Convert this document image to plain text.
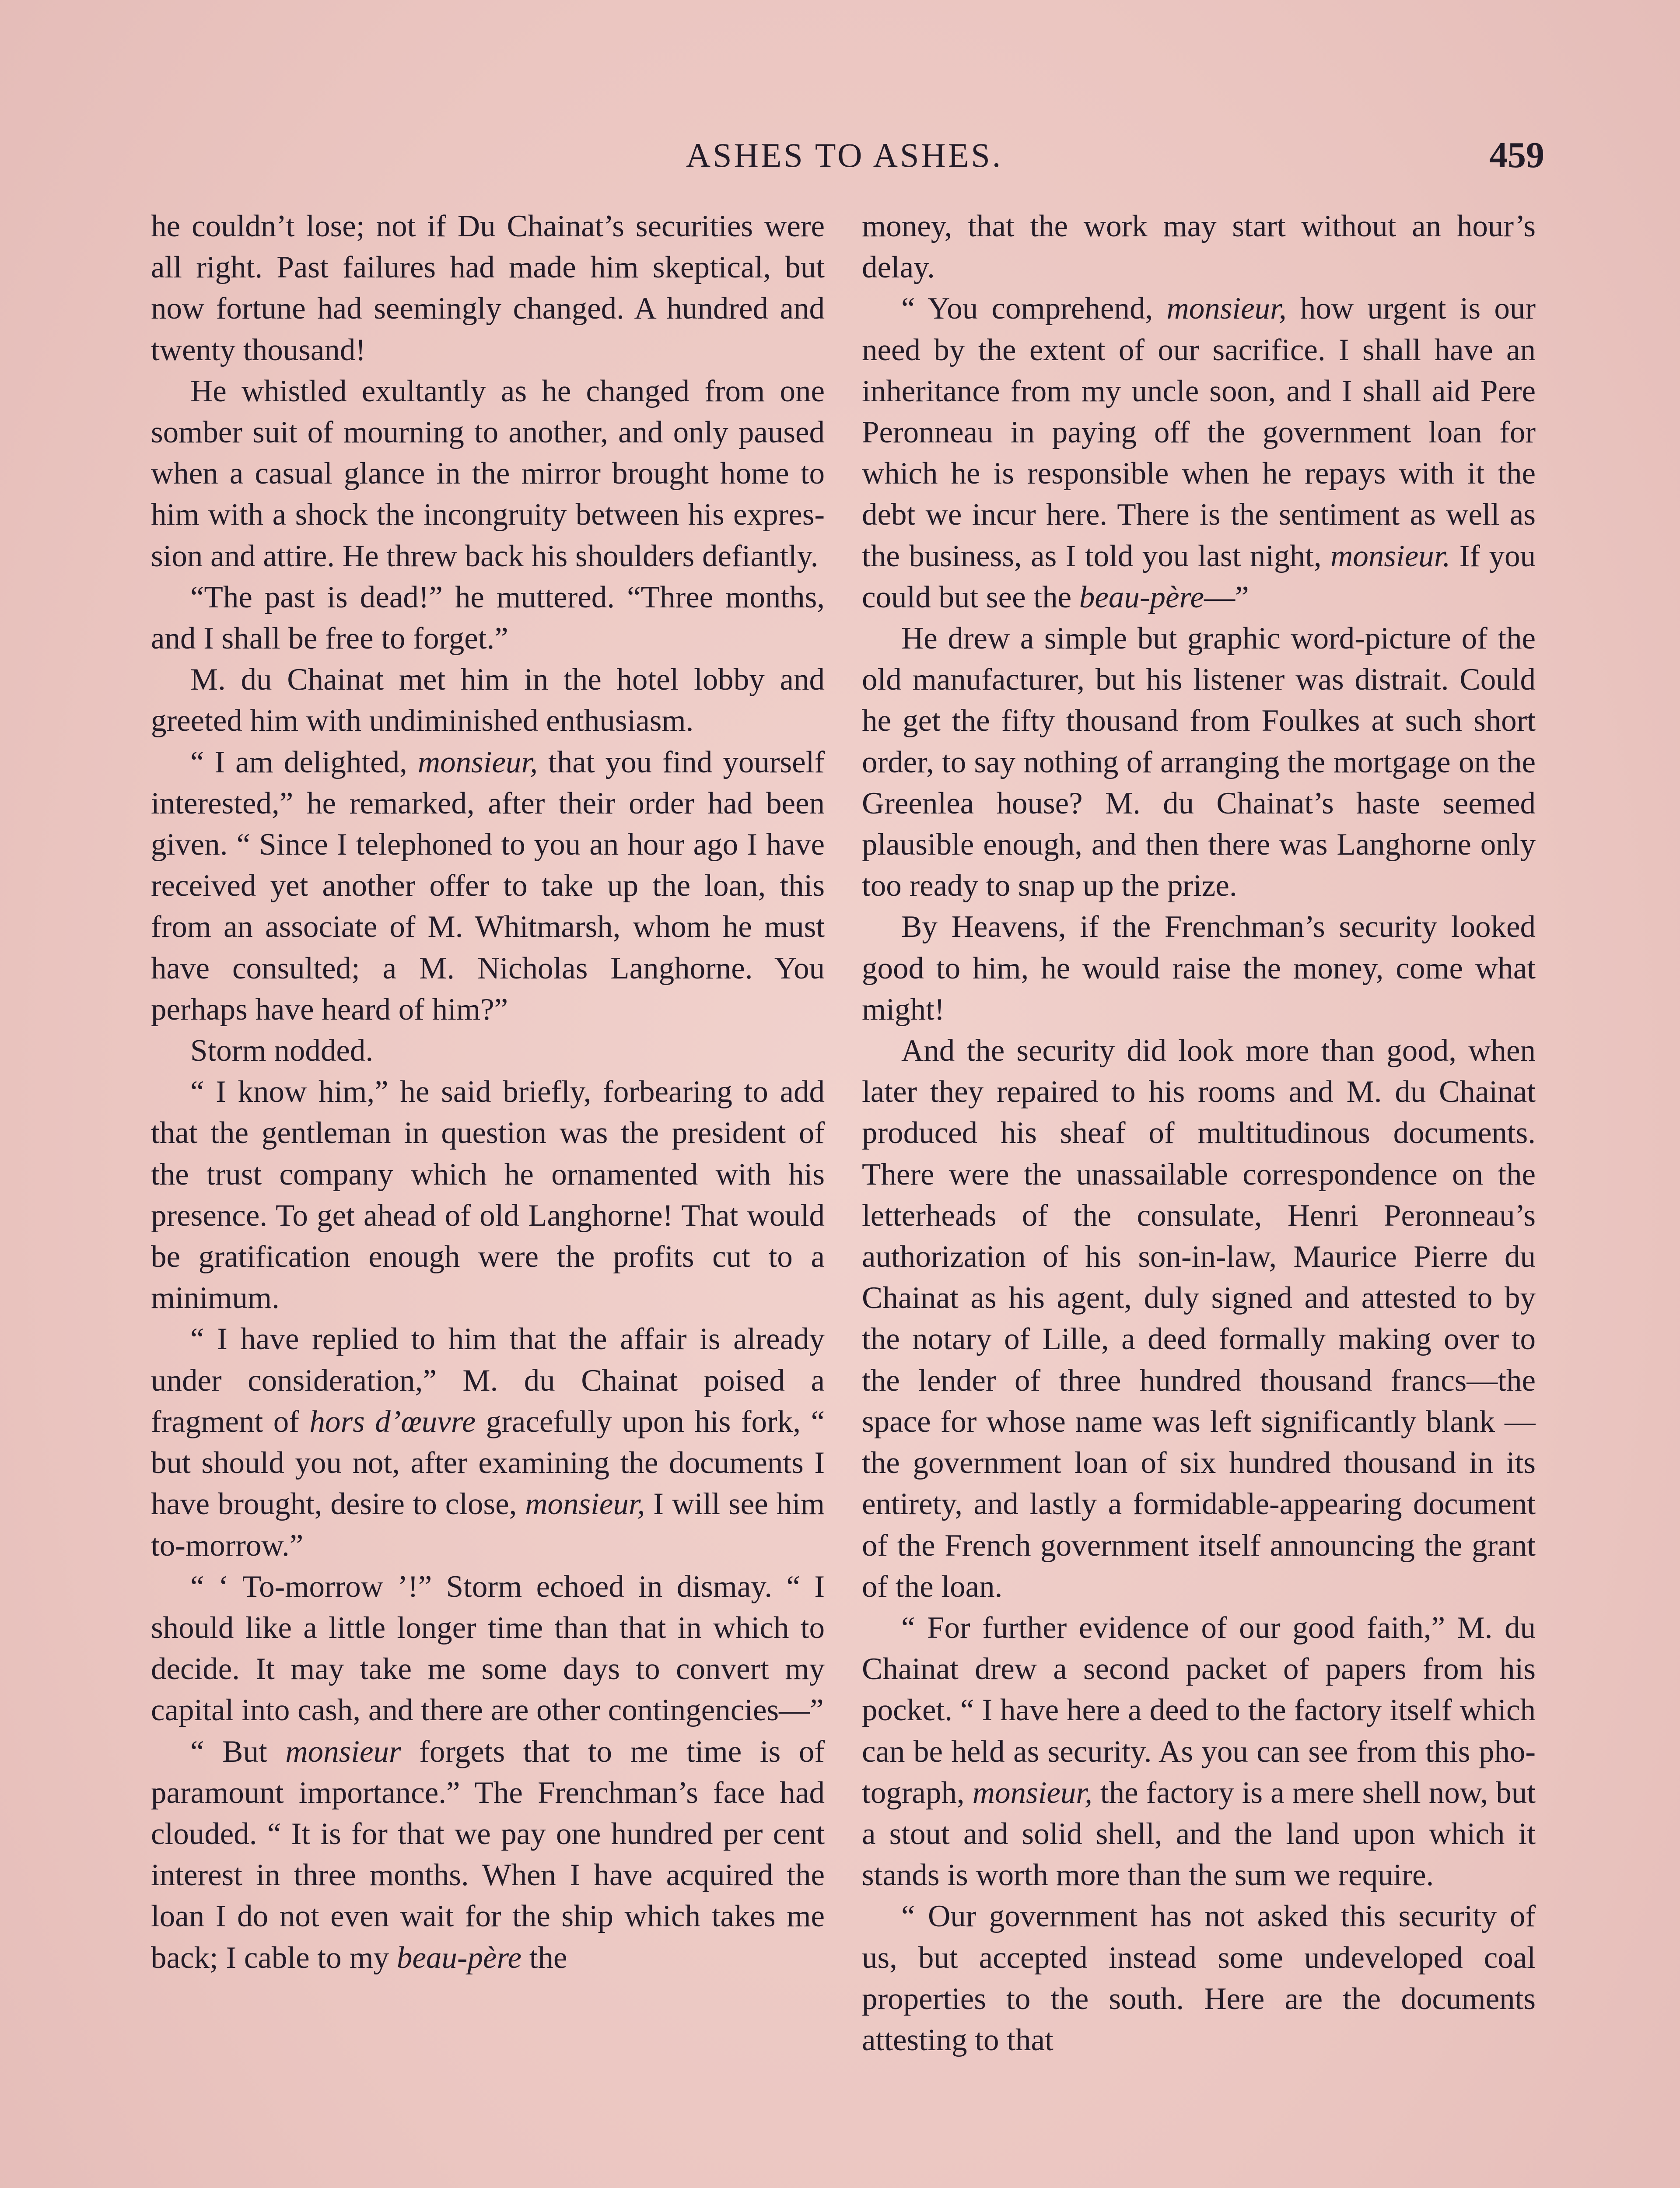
ASHES TO ASHES.	459

he couldn’t lose; not if Du Chainat’s securities were all right. Past failures had made him skeptical, but now fortune had seemingly changed. A hundred and twenty thousand!

He whistled exultantly as he changed from one somber suit of mourning to another, and only paused when a casual glance in the mirror brought home to him with a shock the incongruity between his expression and attire. He threw back his shoulders defiantly.

“The past is dead!” he muttered. “Three months, and I shall be free to forget.”

M. du Chainat met him in the hotel lobby and greeted him with undiminished enthusiasm.

“ I am delighted, monsieur, that you find yourself interested,” he remarked, after their order had been given. “ Since I telephoned to you an hour ago I have received yet another offer to take up the loan, this from an associate of M. Whitmarsh, whom he must have consulted; a M. Nicholas Langhorne. You perhaps have heard of him?”

Storm nodded.

“ I know him,” he said briefly, forbearing to add that the gentleman in question was the president of the trust company which he ornamented with his presence. To get ahead of old Langhorne! That would be gratification enough were the profits cut to a minimum.

“ I have replied to him that the affair is already under consideration,” M. du Chainat poised a fragment of hors d’œuvre gracefully upon his fork, “ but should you not, after examining the documents I have brought, desire to close, monsieur, I will see him to-morrow.”

“ ‘ To-morrow ’!” Storm echoed in dismay. “ I should like a little longer time than that in which to decide. It may take me some days to convert my capital into cash, and there are other contingencies—”

“ But monsieur forgets that to me time is of paramount importance.” The Frenchman’s face had clouded. “ It is for that we pay one hundred per cent interest in three months. When I have acquired the loan I do not even wait for the ship which takes me back; I cable to my beau-père the

money, that the work may start without an hour’s delay.

“ You comprehend, monsieur, how urgent is our need by the extent of our sacrifice. I shall have an inheritance from my uncle soon, and I shall aid Pere Peronneau in paying off the government loan for which he is responsible when he repays with it the debt we incur here. There is the sentiment as well as the business, as I told you last night, monsieur. If you could but see the beau-père—”

He drew a simple but graphic word-picture of the old manufacturer, but his listener was distrait. Could he get the fifty thousand from Foulkes at such short order, to say nothing of arranging the mortgage on the Greenlea house? M. du Chainat’s haste seemed plausible enough, and then there was Langhorne only too ready to snap up the prize.

By Heavens, if the Frenchman’s security looked good to him, he would raise the money, come what might!

And the security did look more than good, when later they repaired to his rooms and M. du Chainat produced his sheaf of multitudinous documents. There were the unassailable correspondence on the letterheads of the consulate, Henri Peronneau’s authorization of his son-in-law, Maurice Pierre du Chainat as his agent, duly signed and attested to by the notary of Lille, a deed formally making over to the lender of three hundred thousand francs—the space for whose name was left significantly blank —the government loan of six hundred thousand in its entirety, and lastly a formidable-appearing document of the French government itself announcing the grant of the loan.

“ For further evidence of our good faith,” M. du Chainat drew a second packet of papers from his pocket. “ I have here a deed to the factory itself which can be held as security. As you can see from this photograph, monsieur, the factory is a mere shell now, but a stout and solid shell, and the land upon which it stands is worth more than the sum we require.

“ Our government has not asked this security of us, but accepted instead some undeveloped coal properties to the south. Here are the documents attesting to that
